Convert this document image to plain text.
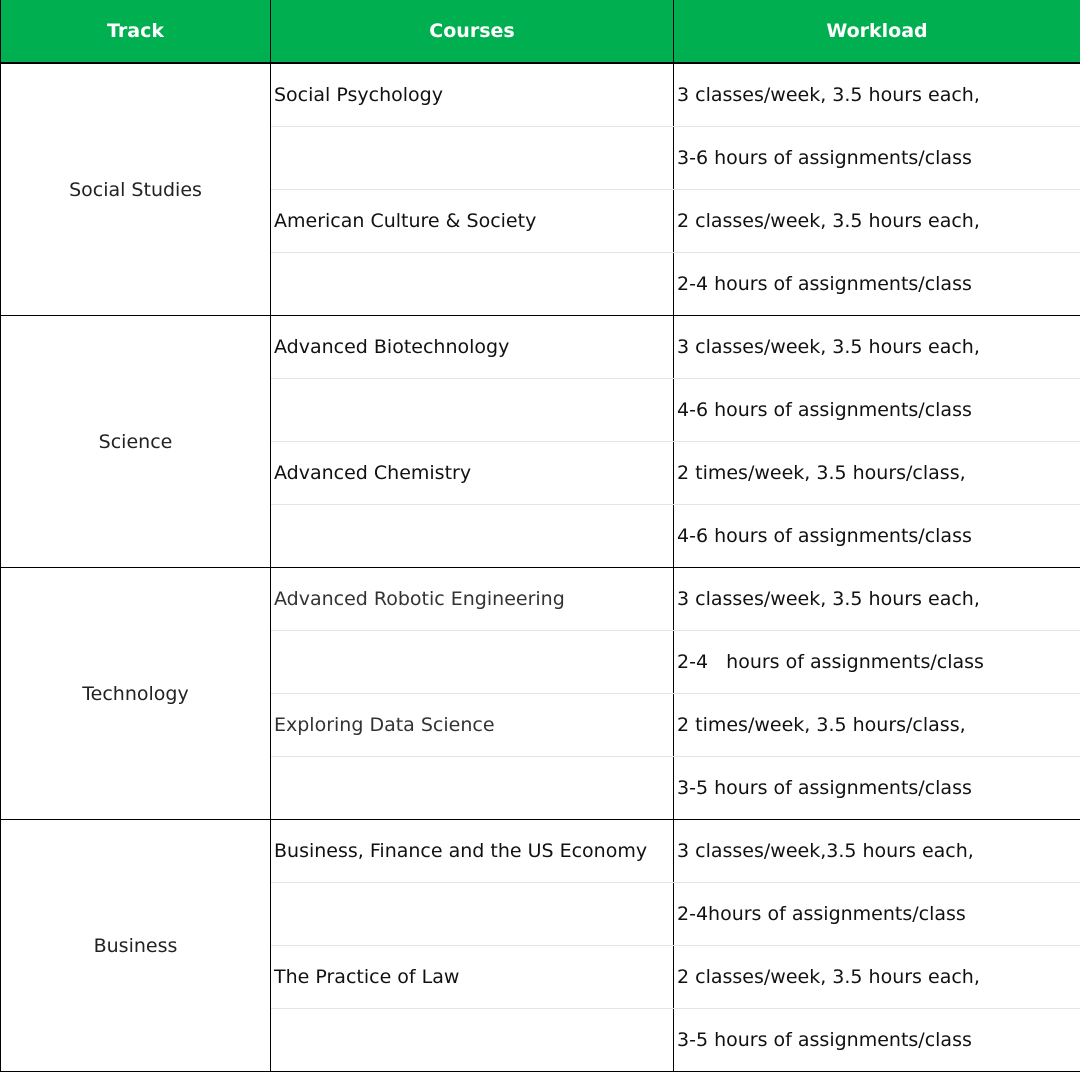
Track	Courses	Workload
Social Studies	Social Psychology	3 classes/week, 3.5 hours each,
		3-6 hours of assignments/class
	American Culture & Society	2 classes/week, 3.5 hours each,
		2-4 hours of assignments/class
Science	Advanced Biotechnology	3 classes/week, 3.5 hours each,
		4-6 hours of assignments/class
	Advanced Chemistry	2 times/week, 3.5 hours/class,
		4-6 hours of assignments/class
Technology	Advanced Robotic Engineering	3 classes/week, 3.5 hours each,
		2-4   hours of assignments/class
	Exploring Data Science	2 times/week, 3.5 hours/class,
		3-5 hours of assignments/class
Business	Business, Finance and the US Economy	3 classes/week,3.5 hours each,
		2-4hours of assignments/class
	The Practice of Law	2 classes/week, 3.5 hours each,
		3-5 hours of assignments/class
